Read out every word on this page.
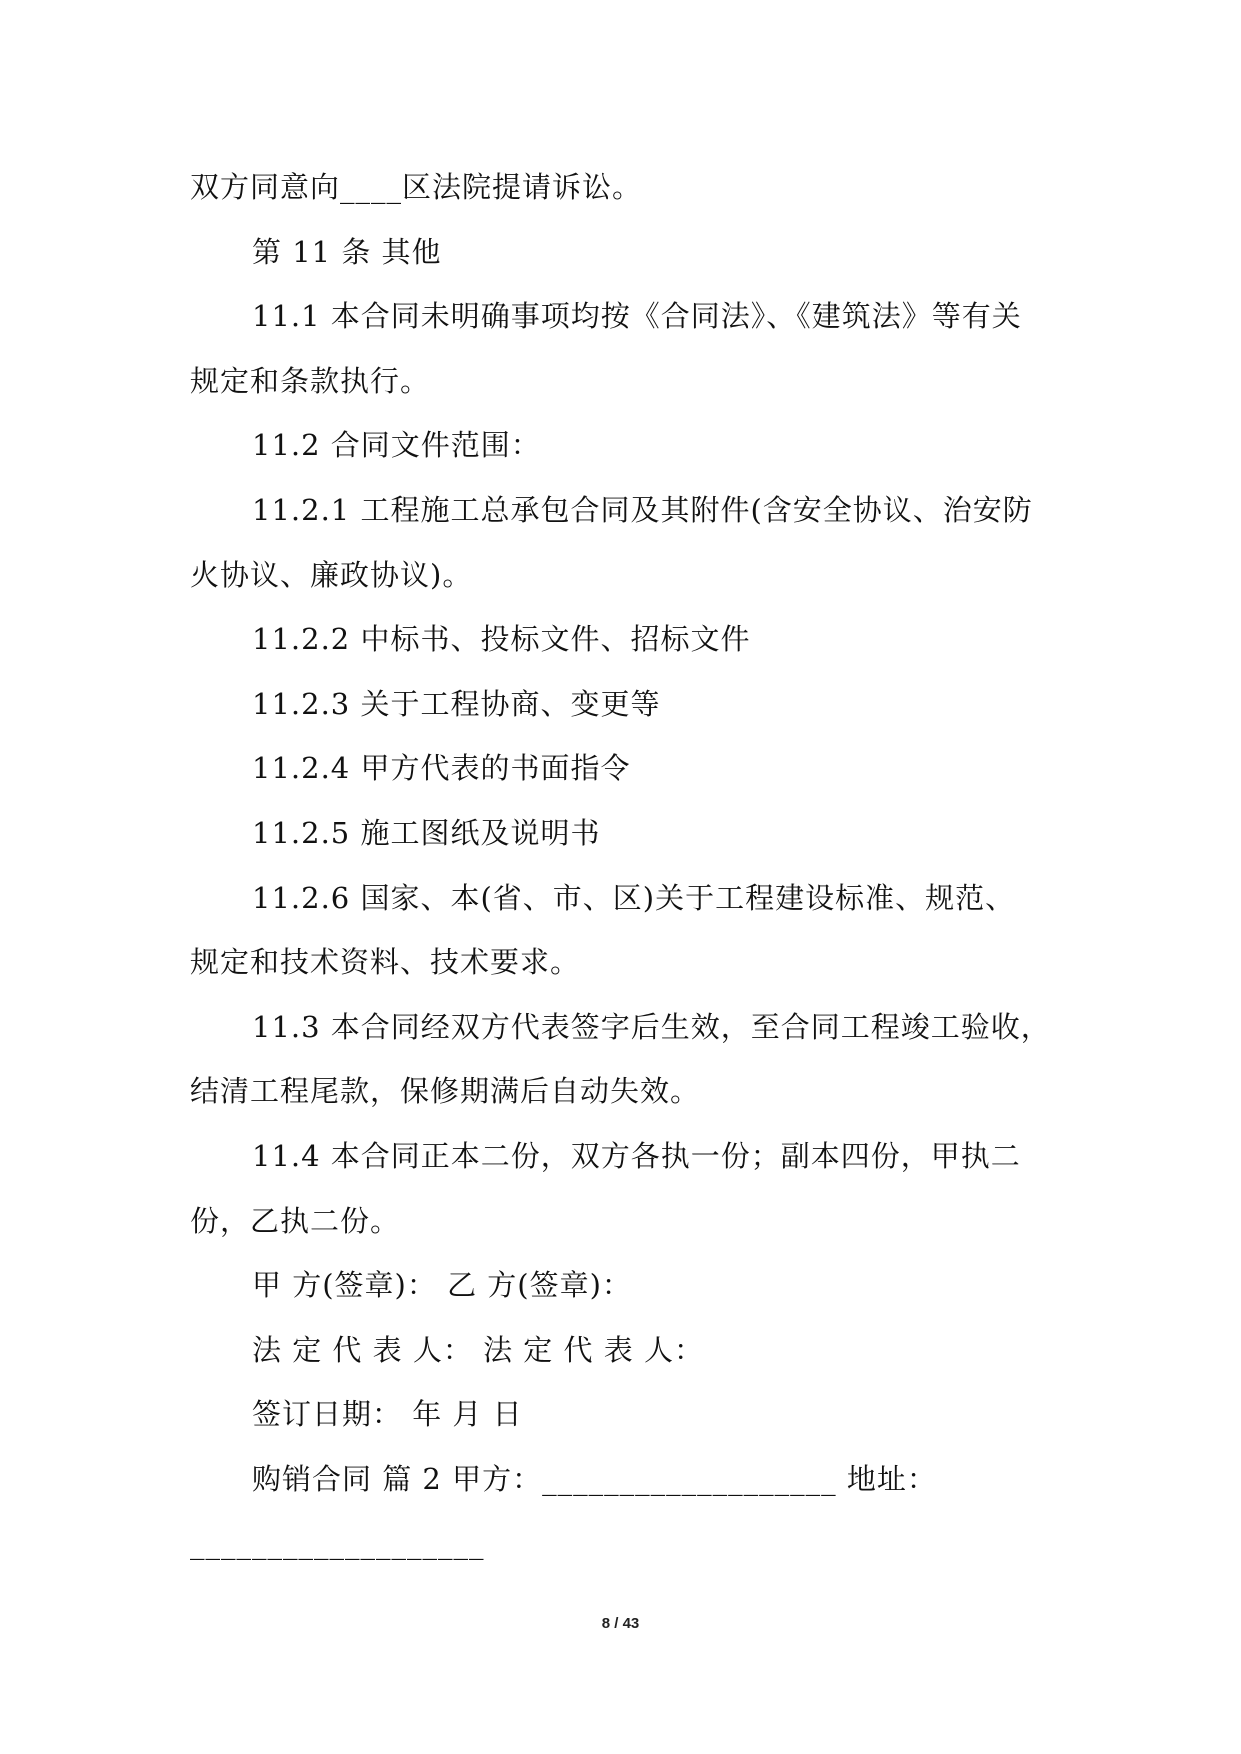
双方同意向____区法院提请诉讼。
第 11 条 其他
11.1 本合同未明确事项均按《合同法》、《建筑法》等有关
规定和条款执行。
11.2 合同文件范围：
11.2.1 工程施工总承包合同及其附件(含安全协议、治安防
火协议、廉政协议)。
11.2.2 中标书、投标文件、招标文件
11.2.3 关于工程协商、变更等
11.2.4 甲方代表的书面指令
11.2.5 施工图纸及说明书
11.2.6 国家、本(省、市、区)关于工程建设标准、规范、
规定和技术资料、技术要求。
11.3 本合同经双方代表签字后生效，至合同工程竣工验收，
结清工程尾款，保修期满后自动失效。
11.4 本合同正本二份，双方各执一份；副本四份，甲执二
份，乙执二份。
甲 方(签章)： 乙 方(签章)：
法 定 代 表 人： 法 定 代 表 人：
签订日期： 年 月 日
购销合同 篇 2 甲方：___________________ 地址：
___________________
8 / 43
